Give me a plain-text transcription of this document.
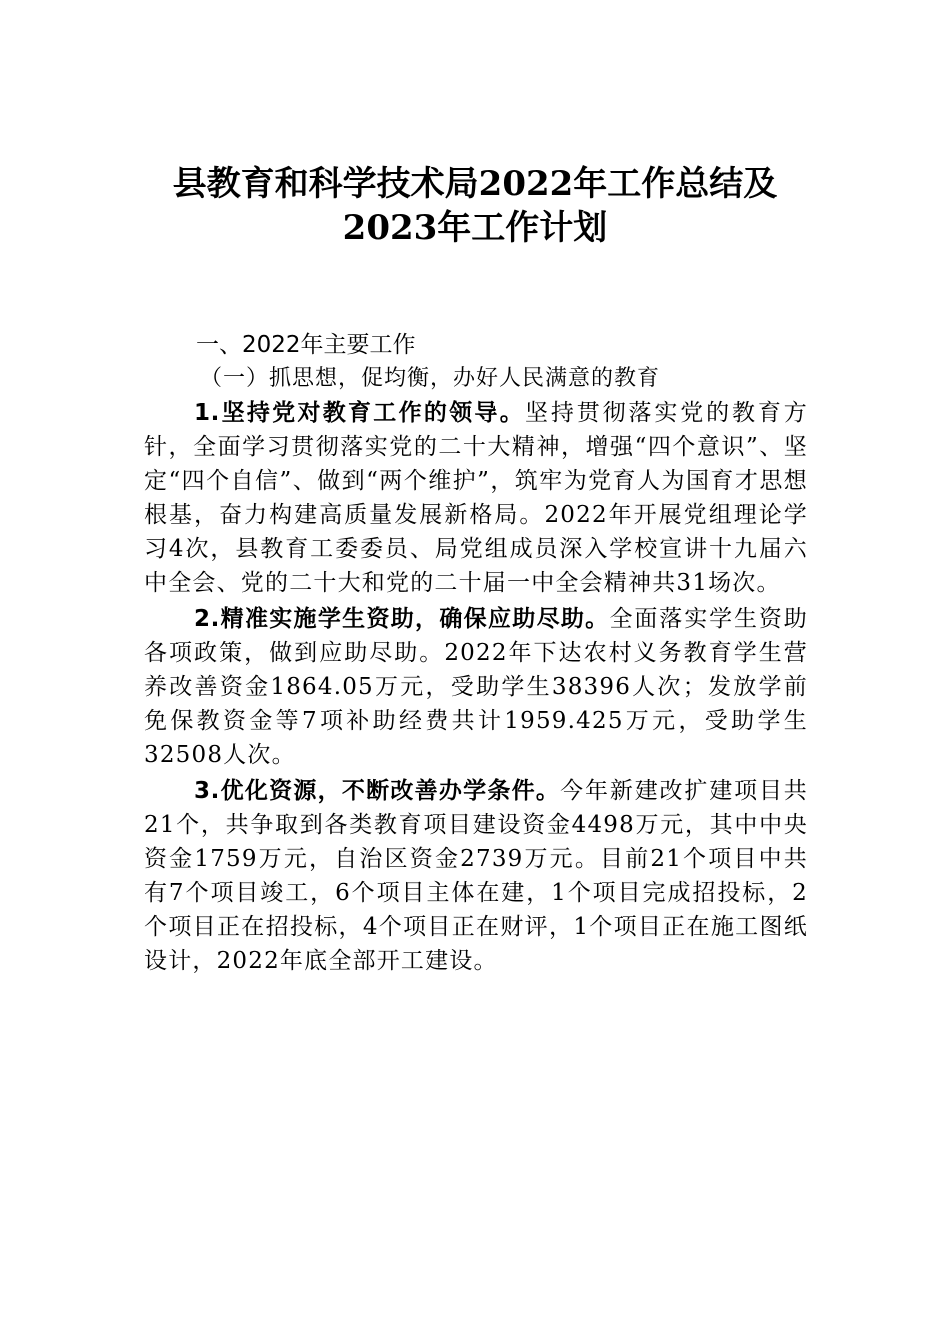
县教育和科学技术局2022年工作总结及
2023年工作计划
一、2022年主要工作
（一）抓思想，促均衡，办好人民满意的教育

1.坚持党对教育工作的领导。坚持贯彻落实党的教育方针，全面学习贯彻落实党的二十大精神，增强“四个意识”、坚定“四个自信”、做到“两个维护”，筑牢为党育人为国育才思想根基，奋力构建高质量发展新格局。2022年开展党组理论学习4次，县教育工委委员、局党组成员深入学校宣讲十九届六中全会、党的二十大和党的二十届一中全会精神共31场次。

2.精准实施学生资助，确保应助尽助。全面落实学生资助各项政策，做到应助尽助。2022年下达农村义务教育学生营养改善资金1864.05万元，受助学生38396人次；发放学前免保教资金等7项补助经费共计1959.425万元，受助学生32508人次。

3.优化资源，不断改善办学条件。今年新建改扩建项目共21个，共争取到各类教育项目建设资金4498万元，其中中央资金1759万元，自治区资金2739万元。目前21个项目中共有7个项目竣工，6个项目主体在建，1个项目完成招投标，2个项目正在招投标，4个项目正在财评，1个项目正在施工图纸设计，2022年底全部开工建设。
